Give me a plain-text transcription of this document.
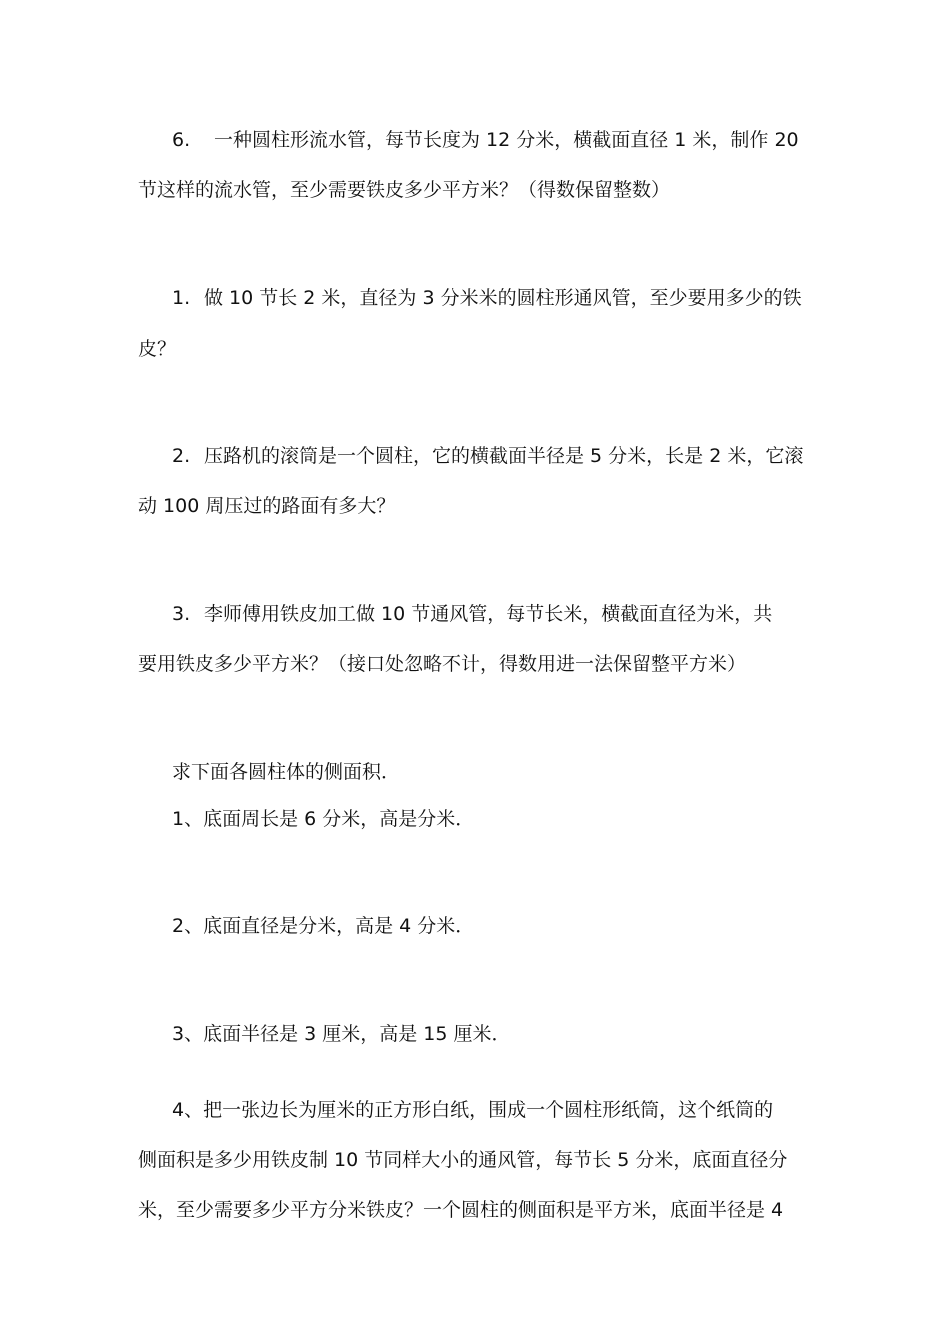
6. 一种圆柱形流水管，每节长度为 12 分米，横截面直径 1 米，制作 20
节这样的流水管，至少需要铁皮多少平方米？（得数保留整数）
1. 做 10 节长 2 米，直径为 3 分米米的圆柱形通风管，至少要用多少的铁
皮？
2. 压路机的滚筒是一个圆柱，它的横截面半径是 5 分米，长是 2 米，它滚
动 100 周压过的路面有多大？
3. 李师傅用铁皮加工做 10 节通风管，每节长米，横截面直径为米，共
要用铁皮多少平方米？（接口处忽略不计，得数用进一法保留整平方米）
求下面各圆柱体的侧面积．
1、底面周长是 6 分米，高是分米．
2、底面直径是分米，高是 4 分米．
3、底面半径是 3 厘米，高是 15 厘米．
4、把一张边长为厘米的正方形白纸，围成一个圆柱形纸筒，这个纸筒的
侧面积是多少用铁皮制 10 节同样大小的通风管，每节长 5 分米，底面直径分
米，至少需要多少平方分米铁皮？一个圆柱的侧面积是平方米，底面半径是 4
